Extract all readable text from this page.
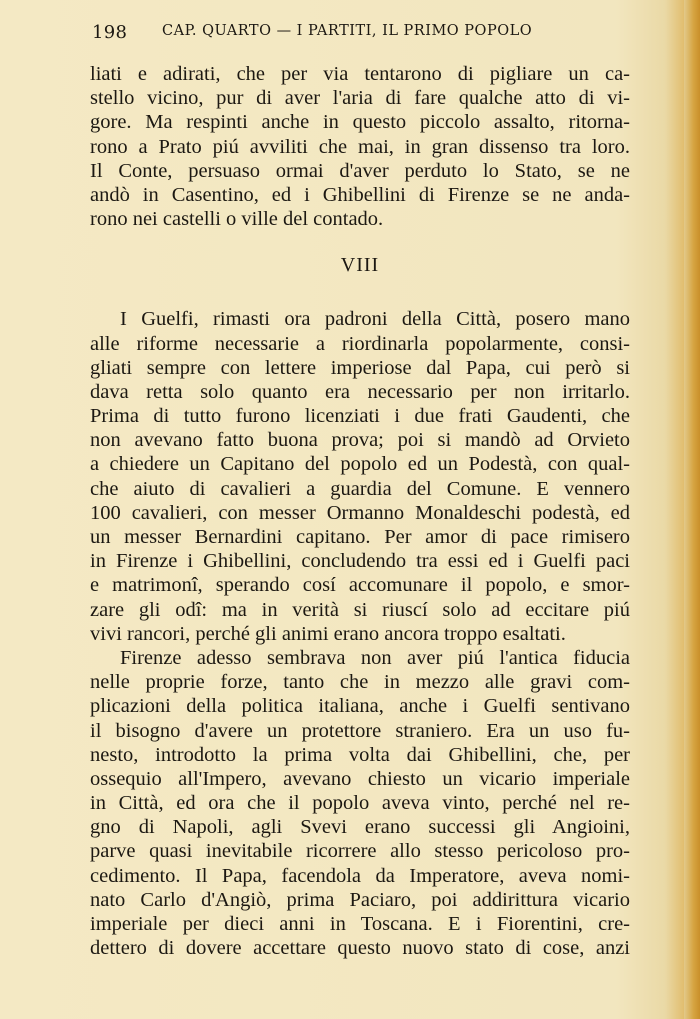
198 CAP. QUARTO — I PARTITI, IL PRIMO POPOLO
liati e adirati, che per via tentarono di pigliare un ca-
stello vicino, pur di aver l'aria di fare qualche atto di vi-
gore. Ma respinti anche in questo piccolo assalto, ritorna-
rono a Prato piú avviliti che mai, in gran dissenso tra loro.
Il Conte, persuaso ormai d'aver perduto lo Stato, se ne
andò in Casentino, ed i Ghibellini di Firenze se ne anda-
rono nei castelli o ville del contado.
VIII
I Guelfi, rimasti ora padroni della Città, posero mano
alle riforme necessarie a riordinarla popolarmente, consi-
gliati sempre con lettere imperiose dal Papa, cui però si
dava retta solo quanto era necessario per non irritarlo.
Prima di tutto furono licenziati i due frati Gaudenti, che
non avevano fatto buona prova; poi si mandò ad Orvieto
a chiedere un Capitano del popolo ed un Podestà, con qual-
che aiuto di cavalieri a guardia del Comune. E vennero
100 cavalieri, con messer Ormanno Monaldeschi podestà, ed
un messer Bernardini capitano. Per amor di pace rimisero
in Firenze i Ghibellini, concludendo tra essi ed i Guelfi paci
e matrimonî, sperando cosí accomunare il popolo, e smor-
zare gli odî: ma in verità si riuscí solo ad eccitare piú
vivi rancori, perché gli animi erano ancora troppo esaltati.
Firenze adesso sembrava non aver piú l'antica fiducia
nelle proprie forze, tanto che in mezzo alle gravi com-
plicazioni della politica italiana, anche i Guelfi sentivano
il bisogno d'avere un protettore straniero. Era un uso fu-
nesto, introdotto la prima volta dai Ghibellini, che, per
ossequio all'Impero, avevano chiesto un vicario imperiale
in Città, ed ora che il popolo aveva vinto, perché nel re-
gno di Napoli, agli Svevi erano successi gli Angioini,
parve quasi inevitabile ricorrere allo stesso pericoloso pro-
cedimento. Il Papa, facendola da Imperatore, aveva nomi-
nato Carlo d'Angiò, prima Paciaro, poi addirittura vicario
imperiale per dieci anni in Toscana. E i Fiorentini, cre-
dettero di dovere accettare questo nuovo stato di cose, anzi
